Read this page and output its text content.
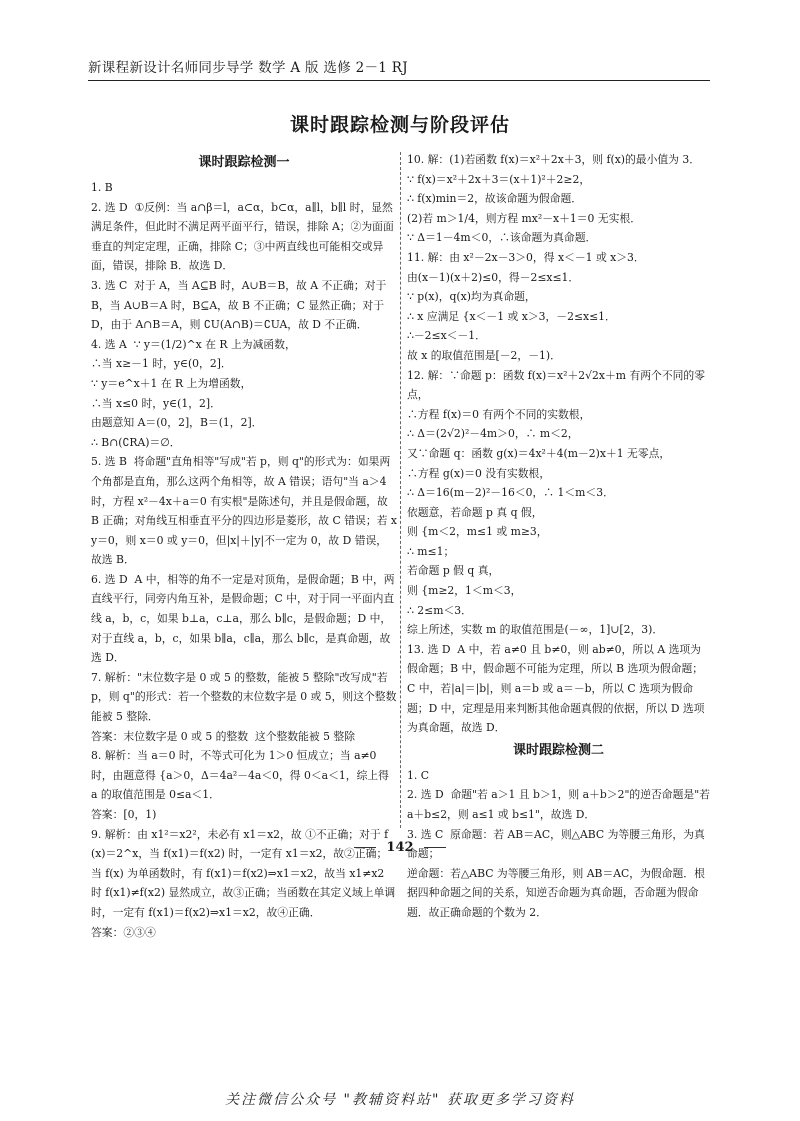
新课程新设计名师同步导学 数学 A 版 选修 2－1 RJ
课时跟踪检测与阶段评估
课时跟踪检测一

1. B

2. 选 D  ①反例：当 a∩β＝l，a⊂α，b⊂α，a∥l，b∥l 时，显然满足条件，但此时不满足两平面平行，错误，排除 A；②为面面垂直的判定定理，正确，排除 C；③中两直线也可能相交或异面，错误，排除 B．故选 D．

3. 选 C  对于 A，当 A⊆B 时，A∪B＝B，故 A 不正确；对于 B，当 A∪B＝A 时，B⊆A，故 B 不正确；C 显然正确；对于 D，由于 A∩B＝A，则 ∁U(A∩B)＝∁UA，故 D 不正确．

4. 选 A  ∵ y＝(1/2)^x 在 R 上为减函数，

∴当 x≥－1 时，y∈(0，2]．

∵ y＝e^x＋1 在 R 上为增函数，

∴当 x≤0 时，y∈(1，2]．

由题意知 A＝(0，2]，B＝(1，2]．

∴ B∩(∁RA)＝∅．

5. 选 B  将命题"直角相等"写成"若 p，则 q"的形式为：如果两个角都是直角，那么这两个角相等，故 A 错误；语句"当 a＞4 时，方程 x²－4x＋a＝0 有实根"是陈述句，并且是假命题，故 B 正确；对角线互相垂直平分的四边形是菱形，故 C 错误；若 xy＝0，则 x＝0 或 y＝0，但|x|＋|y|不一定为 0，故 D 错误，故选 B．

6. 选 D  A 中，相等的角不一定是对顶角，是假命题；B 中，两直线平行，同旁内角互补，是假命题；C 中，对于同一平面内直线 a，b，c，如果 b⊥a，c⊥a，那么 b∥c，是假命题；D 中，对于直线 a，b，c，如果 b∥a，c∥a，那么 b∥c，是真命题，故选 D．

7. 解析："末位数字是 0 或 5 的整数，能被 5 整除"改写成"若 p，则 q"的形式：若一个整数的末位数字是 0 或 5，则这个整数能被 5 整除．

答案：末位数字是 0 或 5 的整数  这个整数能被 5 整除

8. 解析：当 a＝0 时，不等式可化为 1＞0 恒成立；当 a≠0 时，由题意得 {a＞0，Δ＝4a²－4a＜0，得 0＜a＜1，综上得 a 的取值范围是 0≤a＜1．

答案：[0，1)

9. 解析：由 x1²＝x2²，未必有 x1＝x2，故 ①不正确；对于 f(x)＝2^x，当 f(x1)＝f(x2) 时，一定有 x1＝x2，故②正确；当 f(x) 为单函数时，有 f(x1)＝f(x2)⇒x1＝x2，故当 x1≠x2 时 f(x1)≠f(x2) 显然成立，故③正确；当函数在其定义域上单调时，一定有 f(x1)＝f(x2)⇒x1＝x2，故④正确．

答案：②③④

10. 解：(1)若函数 f(x)＝x²＋2x＋3，则 f(x)的最小值为 3．

∵ f(x)＝x²＋2x＋3＝(x＋1)²＋2≥2，

∴ f(x)min＝2，故该命题为假命题．

(2)若 m＞1/4，则方程 mx²－x＋1＝0 无实根．

∵ Δ＝1－4m＜0，∴该命题为真命题．

11. 解：由 x²－2x－3＞0，得 x＜－1 或 x＞3．

由(x－1)(x＋2)≤0，得－2≤x≤1．

∵ p(x)，q(x)均为真命题，

∴ x 应满足 {x＜－1 或 x＞3，－2≤x≤1．

∴－2≤x＜－1．

故 x 的取值范围是[－2，－1)．

12. 解：∵命题 p：函数 f(x)＝x²＋2√2x＋m 有两个不同的零点，

∴方程 f(x)＝0 有两个不同的实数根，

∴ Δ＝(2√2)²－4m＞0，∴ m＜2，

又∵命题 q：函数 g(x)＝4x²＋4(m－2)x＋1 无零点，

∴方程 g(x)＝0 没有实数根，

∴ Δ＝16(m－2)²－16＜0，∴ 1＜m＜3．

依题意，若命题 p 真 q 假，

则 {m＜2，m≤1 或 m≥3，

∴ m≤1；

若命题 p 假 q 真，

则 {m≥2，1＜m＜3，

∴ 2≤m＜3．

综上所述，实数 m 的取值范围是(－∞，1]∪[2，3)．

13. 选 D  A 中，若 a≠0 且 b≠0，则 ab≠0，所以 A 选项为假命题；B 中，假命题不可能为定理，所以 B 选项为假命题；C 中，若|a|＝|b|，则 a＝b 或 a＝－b，所以 C 选项为假命题；D 中，定理是用来判断其他命题真假的依据，所以 D 选项为真命题，故选 D．

课时跟踪检测二

1. C

2. 选 D  命题"若 a＞1 且 b＞1，则 a＋b＞2"的逆否命题是"若 a＋b≤2，则 a≤1 或 b≤1"，故选 D．

3. 选 C  原命题：若 AB＝AC，则△ABC 为等腰三角形，为真命题；

逆命题：若△ABC 为等腰三角形，则 AB＝AC，为假命题．根据四种命题之间的关系，知逆否命题为真命题，否命题为假命题．故正确命题的个数为 2．

142
关注微信公众号 "教辅资料站" 获取更多学习资料
